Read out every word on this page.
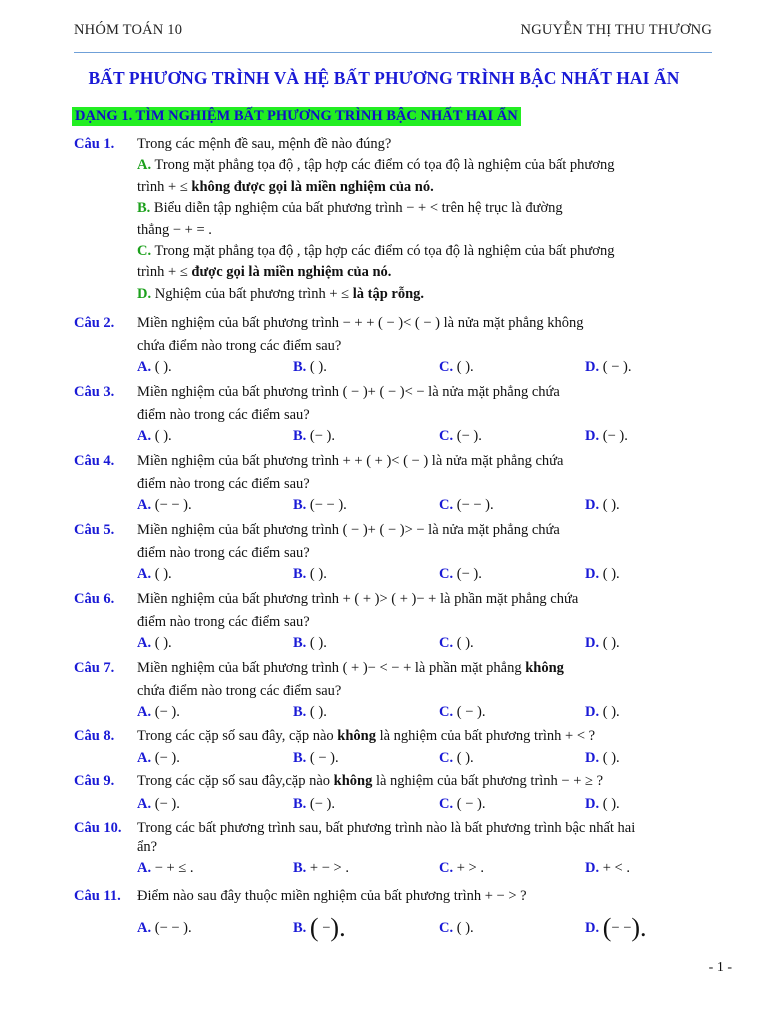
NHÓM TOÁN 10	NGUYỄN THỊ THU THƯƠNG
BẤT PHƯƠNG TRÌNH VÀ HỆ BẤT PHƯƠNG TRÌNH BẬC NHẤT HAI ẨN
DẠNG 1. TÌM NGHIỆM BẤT PHƯƠNG TRÌNH BẬC NHẤT HAI ẨN
Câu 1. Trong các mệnh đề sau, mệnh đề nào đúng?
A. Trong mặt phẳng tọa độ , tập hợp các điểm có tọa độ là nghiệm của bất phương
trình + ≤ không được gọi là miền nghiệm của nó.
B. Biểu diễn tập nghiệm của bất phương trình − + < trên hệ trục là đường
thẳng − + = .
C. Trong mặt phẳng tọa độ , tập hợp các điểm có tọa độ là nghiệm của bất phương
trình + ≤ được gọi là miền nghiệm của nó.
D. Nghiệm của bất phương trình + ≤ là tập rỗng.
Câu 2. Miền nghiệm của bất phương trình − + + ( − )< ( − ) là nửa mặt phẳng không
chứa điểm nào trong các điểm sau?
A. ( ).	B. ( ).	C. ( ).	D. ( − ).
Câu 3. Miền nghiệm của bất phương trình ( − )+ ( − )< − là nửa mặt phẳng chứa
điểm nào trong các điểm sau?
A. ( ).	B. (− ).	C. (− ).	D. (− ).
Câu 4. Miền nghiệm của bất phương trình + + ( + )< ( − ) là nửa mặt phẳng chứa
điểm nào trong các điểm sau?
A. (− − ).	B. (− − ).	C. (− − ).	D. ( ).
Câu 5. Miền nghiệm của bất phương trình ( − )+ ( − )> − là nửa mặt phẳng chứa
điểm nào trong các điểm sau?
A. ( ).	B. ( ).	C. (− ).	D. ( ).
Câu 6. Miền nghiệm của bất phương trình + ( + )> ( + )− + là phần mặt phẳng chứa
điểm nào trong các điểm sau?
A. ( ).	B. ( ).	C. ( ).	D. ( ).
Câu 7. Miền nghiệm của bất phương trình ( + )− < − + là phần mặt phẳng không
chứa điểm nào trong các điểm sau?
A. (− ).	B. ( ).	C. ( − ).	D. ( ).
Câu 8. Trong các cặp số sau đây, cặp nào không là nghiệm của bất phương trình + < ?
A. (− ).	B. ( − ).	C. ( ).	D. ( ).
Câu 9. Trong các cặp số sau đây,cặp nào không là nghiệm của bất phương trình − + ≥ ?
A. (− ).	B. (− ).	C. ( − ).	D. ( ).
Câu 10. Trong các bất phương trình sau, bất phương trình nào là bất phương trình bậc nhất hai
ẩn?
A. − + ≤ .	B. + − > .	C. + > .	D. + < .
Câu 11. Điểm nào sau đây thuộc miền nghiệm của bất phương trình + − > ?
A. (− − ).	B. ( −).	C. ( ).	D. (− −).
- 1 -
